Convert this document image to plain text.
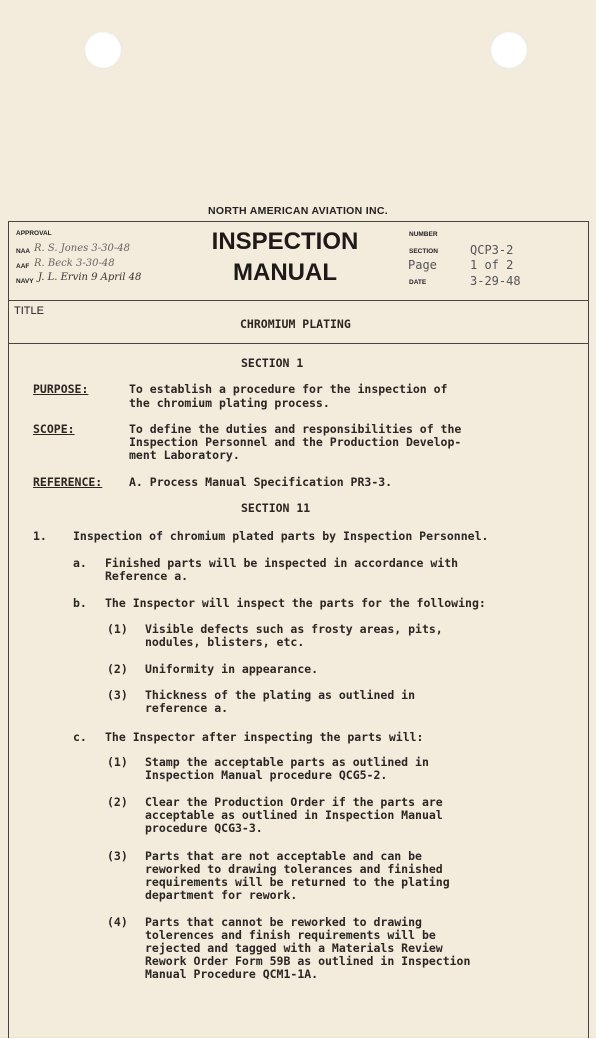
NORTH AMERICAN AVIATION INC.
APPROVAL
NAA R. S. Jones 3-30-48
AAF R. Beck 3-30-48
NAVY J. L. Ervin 9 April 48
INSPECTION
MANUAL
NUMBER
SECTION	QCP3-2
Page	1 of 2
DATE	3-29-48
TITLE
CHROMIUM PLATING
SECTION 1
PURPOSE:	To establish a procedure for the inspection of
the chromium plating process.
SCOPE:	To define the duties and responsibilities of the
Inspection Personnel and the Production Develop-
ment Laboratory.
REFERENCE: A. Process Manual Specification PR3-3.
SECTION 11
1. Inspection of chromium plated parts by Inspection Personnel.
a. Finished parts will be inspected in accordance with
Reference a.
b. The Inspector will inspect the parts for the following:
(1) Visible defects such as frosty areas, pits,
nodules, blisters, etc.
(2) Uniformity in appearance.
(3) Thickness of the plating as outlined in
reference a.
c. The Inspector after inspecting the parts will:
(1) Stamp the acceptable parts as outlined in
Inspection Manual procedure QCG5-2.
(2) Clear the Production Order if the parts are
acceptable as outlined in Inspection Manual
procedure QCG3-3.
(3) Parts that are not acceptable and can be
reworked to drawing tolerances and finished
requirements will be returned to the plating
department for rework.
(4) Parts that cannot be reworked to drawing
tolerences and finish requirements will be
rejected and tagged with a Materials Review
Rework Order Form 59B as outlined in Inspection
Manual Procedure QCM1-1A.
